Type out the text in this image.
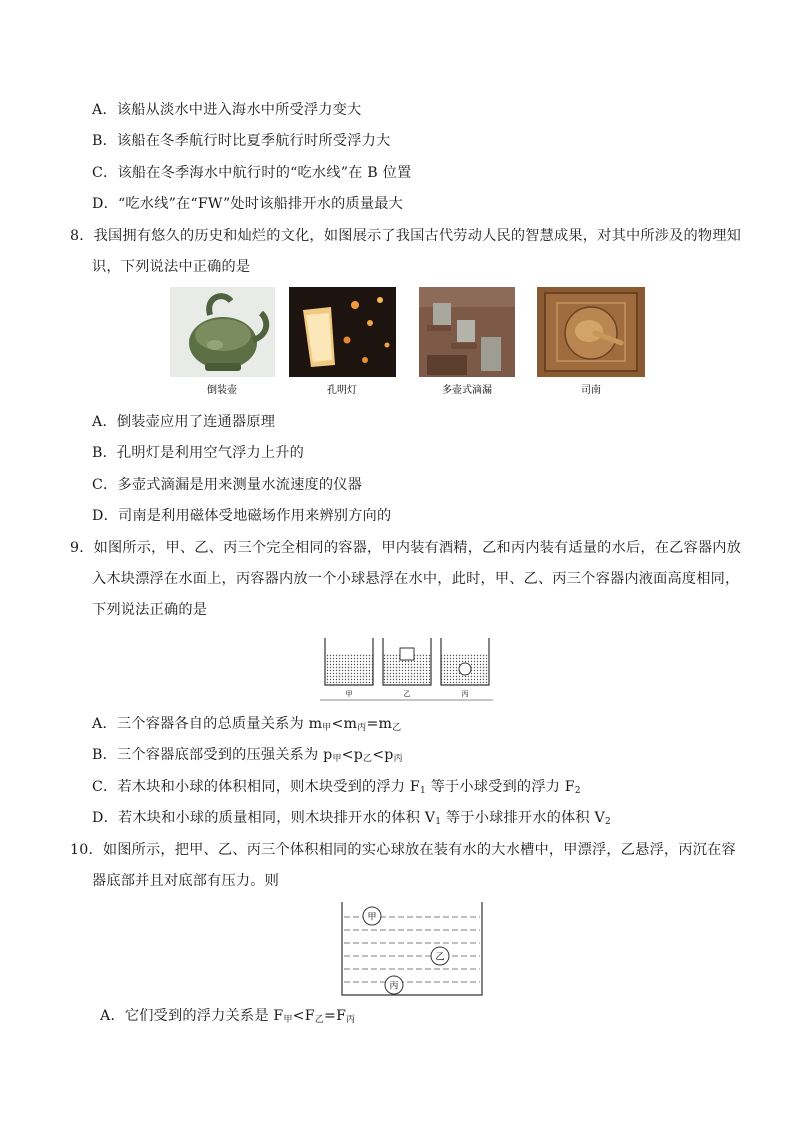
A．该船从淡水中进入海水中所受浮力变大
B．该船在冬季航行时比夏季航行时所受浮力大
C．该船在冬季海水中航行时的“吃水线”在 B 位置
D．“吃水线”在“FW”处时该船排开水的质量最大
8．我国拥有悠久的历史和灿烂的文化，如图展示了我国古代劳动人民的智慧成果，对其中所涉及的物理知
识，下列说法中正确的是
倒装壶	孔明灯	多壶式滴漏	司南
A．倒装壶应用了连通器原理
B．孔明灯是利用空气浮力上升的
C．多壶式滴漏是用来测量水流速度的仪器
D．司南是利用磁体受地磁场作用来辨别方向的
9．如图所示，甲、乙、丙三个完全相同的容器，甲内装有酒精，乙和丙内装有适量的水后，在乙容器内放
入木块漂浮在水面上，丙容器内放一个小球悬浮在水中，此时，甲、乙、丙三个容器内液面高度相同，
下列说法正确的是
甲	乙	丙
A．三个容器各自的总质量关系为 $m_甲<m_丙=m_乙$
B．三个容器底部受到的压强关系为 $p_甲<p_乙<p_丙$
C．若木块和小球的体积相同，则木块受到的浮力 $F_1$ 等于小球受到的浮力 $F_2$
D．若木块和小球的质量相同，则木块排开水的体积 $V_1$ 等于小球排开水的体积 $V_2$
10．如图所示，把甲、乙、丙三个体积相同的实心球放在装有水的大水槽中，甲漂浮，乙悬浮，丙沉在容
器底部并且对底部有压力。则
甲
乙
丙
A．它们受到的浮力关系是 $F_甲<F_乙=F_丙$
